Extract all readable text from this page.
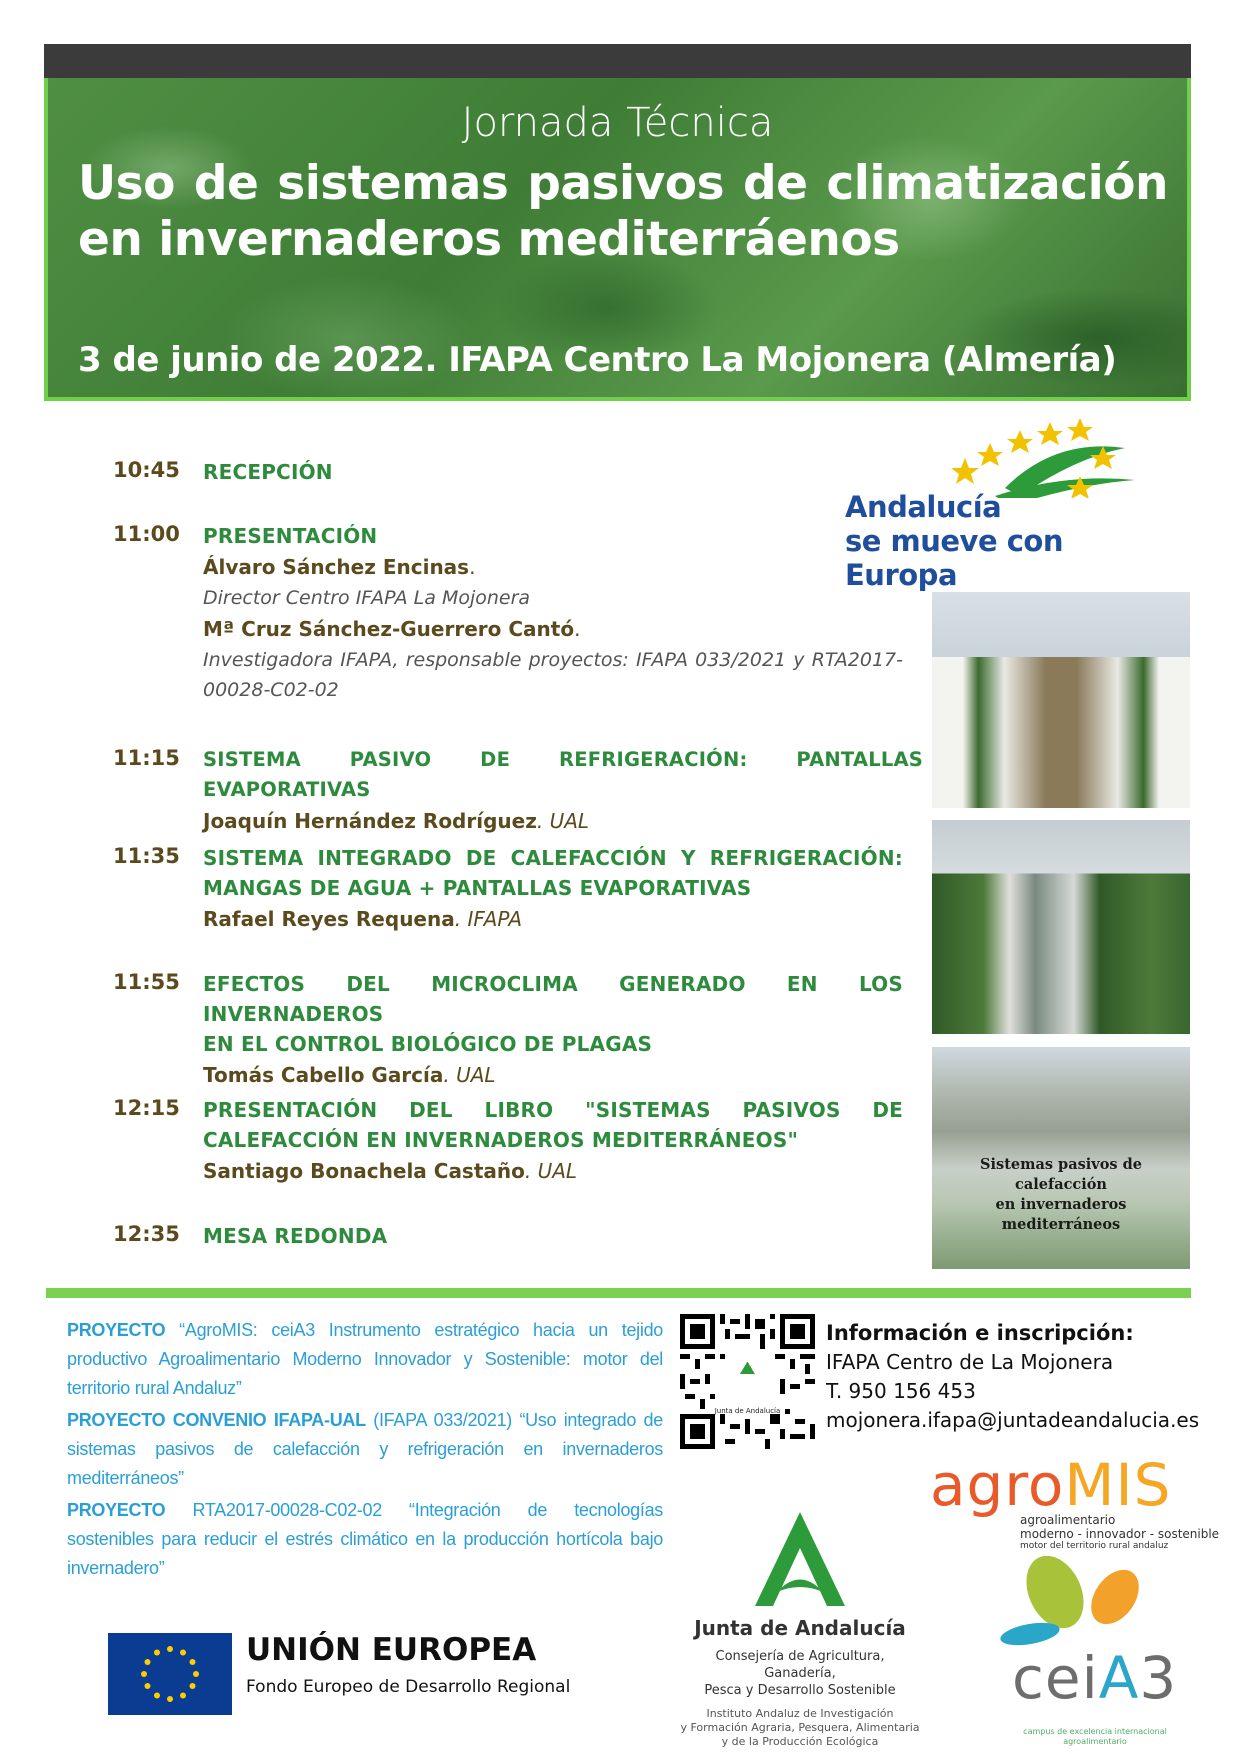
Jornada Técnica
Uso de sistemas pasivos de climatización en invernaderos mediterráenos
3 de junio de 2022. IFAPA Centro La Mojonera (Almería)
10:45 RECEPCIÓN
11:00 PRESENTACIÓN
Álvaro Sánchez Encinas.
Director Centro IFAPA La Mojonera
Mª Cruz Sánchez-Guerrero Cantó.
Investigadora IFAPA, responsable proyectos: IFAPA 033/2021 y RTA2017-00028-C02-02
11:15 SISTEMA PASIVO DE REFRIGERACIÓN: PANTALLAS EVAPORATIVAS
Joaquín Hernández Rodríguez. UAL
11:35 SISTEMA INTEGRADO DE CALEFACCIÓN Y REFRIGERACIÓN:
MANGAS DE AGUA + PANTALLAS EVAPORATIVAS
Rafael Reyes Requena. IFAPA
11:55 EFECTOS DEL MICROCLIMA GENERADO EN LOS INVERNADEROS
EN EL CONTROL BIOLÓGICO DE PLAGAS
Tomás Cabello García. UAL
12:15 PRESENTACIÓN DEL LIBRO "SISTEMAS PASIVOS DE
CALEFACCIÓN EN INVERNADEROS MEDITERRÁNEOS"
Santiago Bonachela Castaño. UAL
12:35 MESA REDONDA
Andalucía
se mueve con Europa
Sistemas pasivos de calefacción
en invernaderos mediterráneos
PROYECTO “AgroMIS: ceiA3 Instrumento estratégico hacia un tejido productivo Agroalimentario Moderno Innovador y Sostenible: motor del territorio rural Andaluz”
PROYECTO CONVENIO IFAPA-UAL (IFAPA 033/2021) “Uso integrado de sistemas pasivos de calefacción y refrigeración en invernaderos mediterráneos”
PROYECTO RTA2017-00028-C02-02 “Integración de tecnologías sostenibles para reducir el estrés climático en la producción hortícola bajo invernadero”
Junta de Andalucía
Información e inscripción:
IFAPA Centro de La Mojonera
T. 950 156 453
mojonera.ifapa@juntadeandalucia.es
agroMIS
agroalimentario
moderno - innovador - sostenible
motor del territorio rural andaluz
Junta de Andalucía
Consejería de Agricultura, Ganadería,
Pesca y Desarrollo Sostenible
Instituto Andaluz de Investigación
y Formación Agraria, Pesquera, Alimentaria
y de la Producción Ecológica
UNIÓN EUROPEA
Fondo Europeo de Desarrollo Regional	ceiA3
campus de excelencia internacional
agroalimentario
